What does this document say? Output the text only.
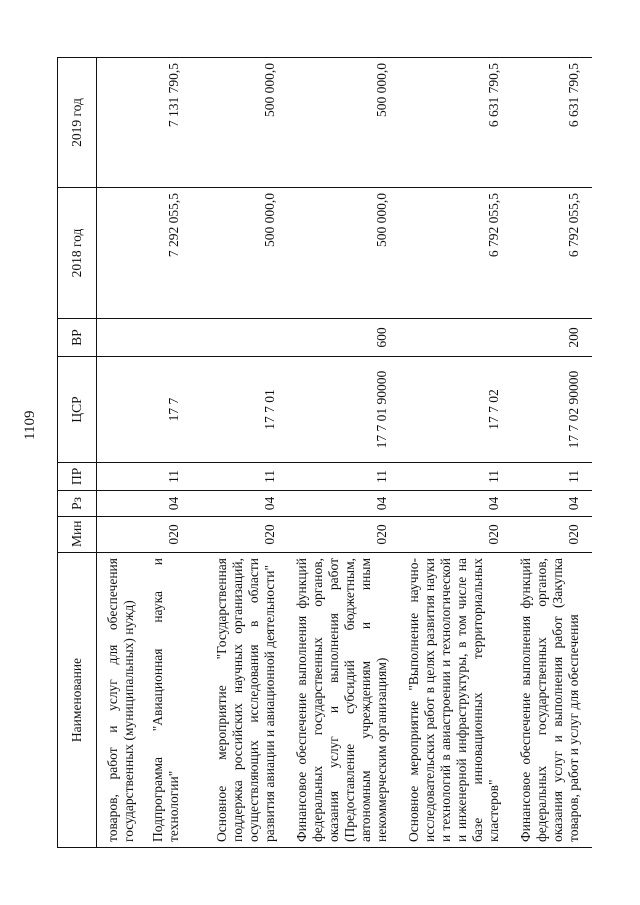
1109
Наименование	Мин	Рз	ПР	ЦСР	ВР	2018 год	2019 год
товаров, работ и услуг для обеспечения государственных (муниципальных) нужд)							
Подпрограмма "Авиационная наука и технологии"	020	04	11	17 7		7 292 055,5	7 131 790,5
Основное мероприятие "Государственная поддержка российских научных организаций, осуществляющих исследования в области развития авиации и авиационной деятельности"	020	04	11	17 7 01		500 000,0	500 000,0
Финансовое обеспечение выполнения функций федеральных государственных органов, оказания услуг и выполнения работ (Предоставление субсидий бюджетным, автономным учреждениям и иным некоммерческим организациям)	020	04	11	17 7 01 90000	600	500 000,0	500 000,0
Основное мероприятие "Выполнение научно-исследовательских работ в целях развития науки и технологий в авиастроении и технологической и инженерной инфраструктуры, в том числе на базе инновационных территориальных кластеров"	020	04	11	17 7 02		6 792 055,5	6 631 790,5
Финансовое обеспечение выполнения функций федеральных государственных органов, оказания услуг и выполнения работ (Закупка товаров, работ и услуг для обеспечения	020	04	11	17 7 02 90000	200	6 792 055,5	6 631 790,5
